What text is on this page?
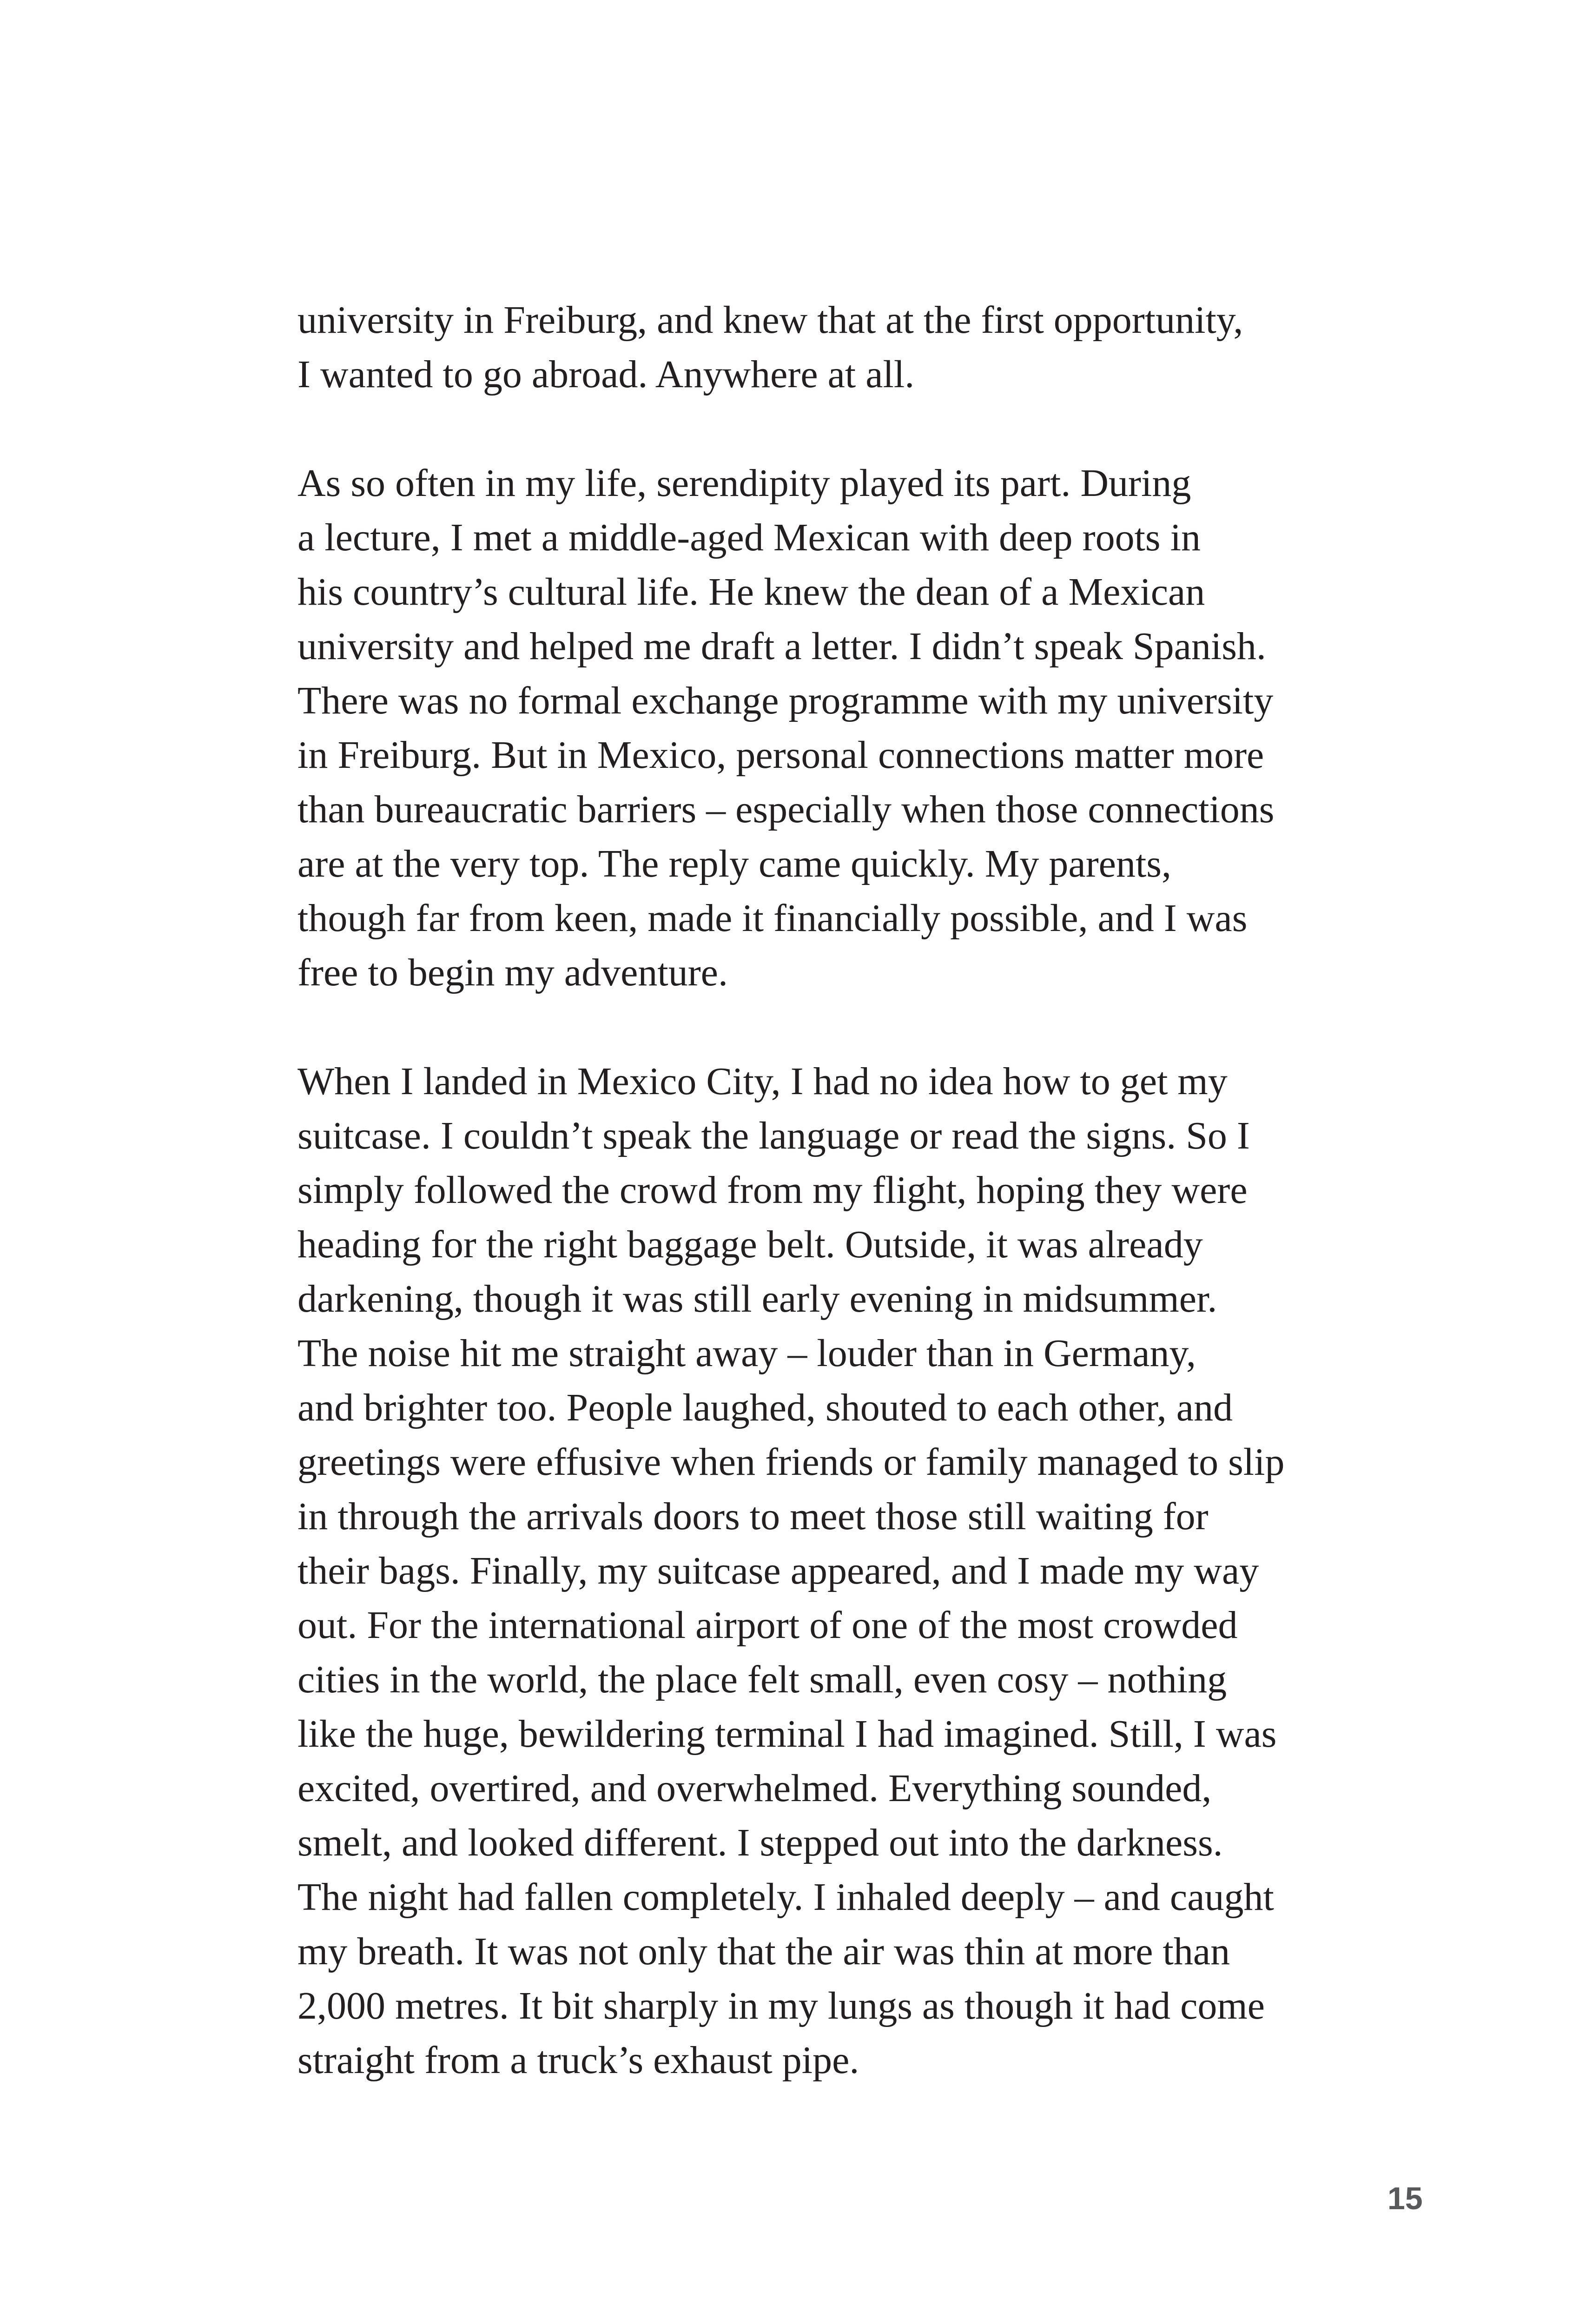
university in Freiburg, and knew that at the first opportunity,
I wanted to go abroad. Anywhere at all.

As so often in my life, serendipity played its part. During
a lecture, I met a middle-aged Mexican with deep roots in
his country’s cultural life. He knew the dean of a Mexican
university and helped me draft a letter. I didn’t speak Spanish.
There was no formal exchange programme with my university
in Freiburg. But in Mexico, personal connections matter more
than bureaucratic barriers – especially when those connections
are at the very top. The reply came quickly. My parents,
though far from keen, made it financially possible, and I was
free to begin my adventure.

When I landed in Mexico City, I had no idea how to get my
suitcase. I couldn’t speak the language or read the signs. So I
simply followed the crowd from my flight, hoping they were
heading for the right baggage belt. Outside, it was already
darkening, though it was still early evening in midsummer.
The noise hit me straight away – louder than in Germany,
and brighter too. People laughed, shouted to each other, and
greetings were effusive when friends or family managed to slip
in through the arrivals doors to meet those still waiting for
their bags. Finally, my suitcase appeared, and I made my way
out. For the international airport of one of the most crowded
cities in the world, the place felt small, even cosy – nothing
like the huge, bewildering terminal I had imagined. Still, I was
excited, overtired, and overwhelmed. Everything sounded,
smelt, and looked different. I stepped out into the darkness.
The night had fallen completely. I inhaled deeply – and caught
my breath. It was not only that the air was thin at more than
2,000 metres. It bit sharply in my lungs as though it had come
straight from a truck’s exhaust pipe.

15
